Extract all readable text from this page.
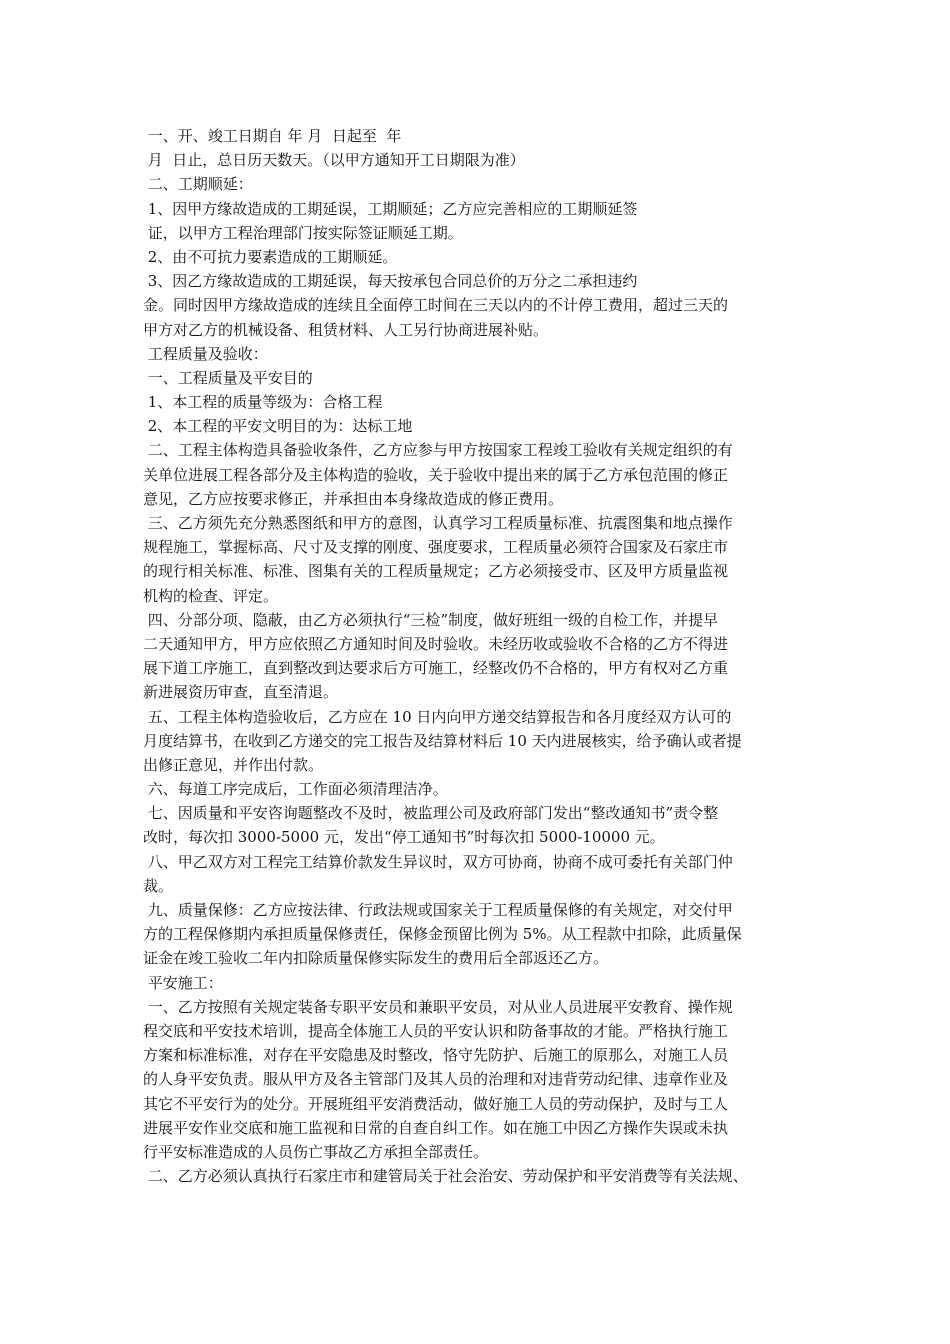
一、开、竣工日期自 年 月  日起至  年
月  日止，总日历天数天。（以甲方通知开工日期限为准）
二、工期顺延：
1、因甲方缘故造成的工期延误，工期顺延；乙方应完善相应的工期顺延签
证，以甲方工程治理部门按实际签证顺延工期。
2、由不可抗力要素造成的工期顺延。
3、因乙方缘故造成的工期延误，每天按承包合同总价的万分之二承担违约
金。同时因甲方缘故造成的连续且全面停工时间在三天以内的不计停工费用，超过三天的
甲方对乙方的机械设备、租赁材料、人工另行协商进展补贴。
工程质量及验收：
一、工程质量及平安目的
1、本工程的质量等级为：合格工程
2、本工程的平安文明目的为：达标工地
二、工程主体构造具备验收条件，乙方应参与甲方按国家工程竣工验收有关规定组织的有
关单位进展工程各部分及主体构造的验收，关于验收中提出来的属于乙方承包范围的修正
意见，乙方应按要求修正，并承担由本身缘故造成的修正费用。
三、乙方须先充分熟悉图纸和甲方的意图，认真学习工程质量标准、抗震图集和地点操作
规程施工，掌握标高、尺寸及支撑的刚度、强度要求，工程质量必须符合国家及石家庄市
的现行相关标准、标准、图集有关的工程质量规定；乙方必须接受市、区及甲方质量监视
机构的检查、评定。
四、分部分项、隐蔽，由乙方必须执行“三检”制度，做好班组一级的自检工作，并提早
二天通知甲方，甲方应依照乙方通知时间及时验收。未经历收或验收不合格的乙方不得进
展下道工序施工，直到整改到达要求后方可施工，经整改仍不合格的，甲方有权对乙方重
新进展资历审查，直至清退。
五、工程主体构造验收后，乙方应在 10 日内向甲方递交结算报告和各月度经双方认可的
月度结算书，在收到乙方递交的完工报告及结算材料后 10 天内进展核实，给予确认或者提
出修正意见，并作出付款。
六、每道工序完成后，工作面必须清理洁净。
七、因质量和平安咨询题整改不及时，被监理公司及政府部门发出“整改通知书”责令整
改时，每次扣 3000-5000 元，发出“停工通知书”时每次扣 5000-10000 元。
八、甲乙双方对工程完工结算价款发生异议时，双方可协商，协商不成可委托有关部门仲
裁。
九、质量保修：乙方应按法律、行政法规或国家关于工程质量保修的有关规定，对交付甲
方的工程保修期内承担质量保修责任，保修金预留比例为 5%。从工程款中扣除，此质量保
证金在竣工验收二年内扣除质量保修实际发生的费用后全部返还乙方。
平安施工：
一、乙方按照有关规定装备专职平安员和兼职平安员，对从业人员进展平安教育、操作规
程交底和平安技术培训，提高全体施工人员的平安认识和防备事故的才能。严格执行施工
方案和标准标准，对存在平安隐患及时整改，恪守先防护、后施工的原那么，对施工人员
的人身平安负责。服从甲方及各主管部门及其人员的治理和对违背劳动纪律、违章作业及
其它不平安行为的处分。开展班组平安消费活动，做好施工人员的劳动保护，及时与工人
进展平安作业交底和施工监视和日常的自查自纠工作。如在施工中因乙方操作失误或未执
行平安标准造成的人员伤亡事故乙方承担全部责任。
二、乙方必须认真执行石家庄市和建管局关于社会治安、劳动保护和平安消费等有关法规、
